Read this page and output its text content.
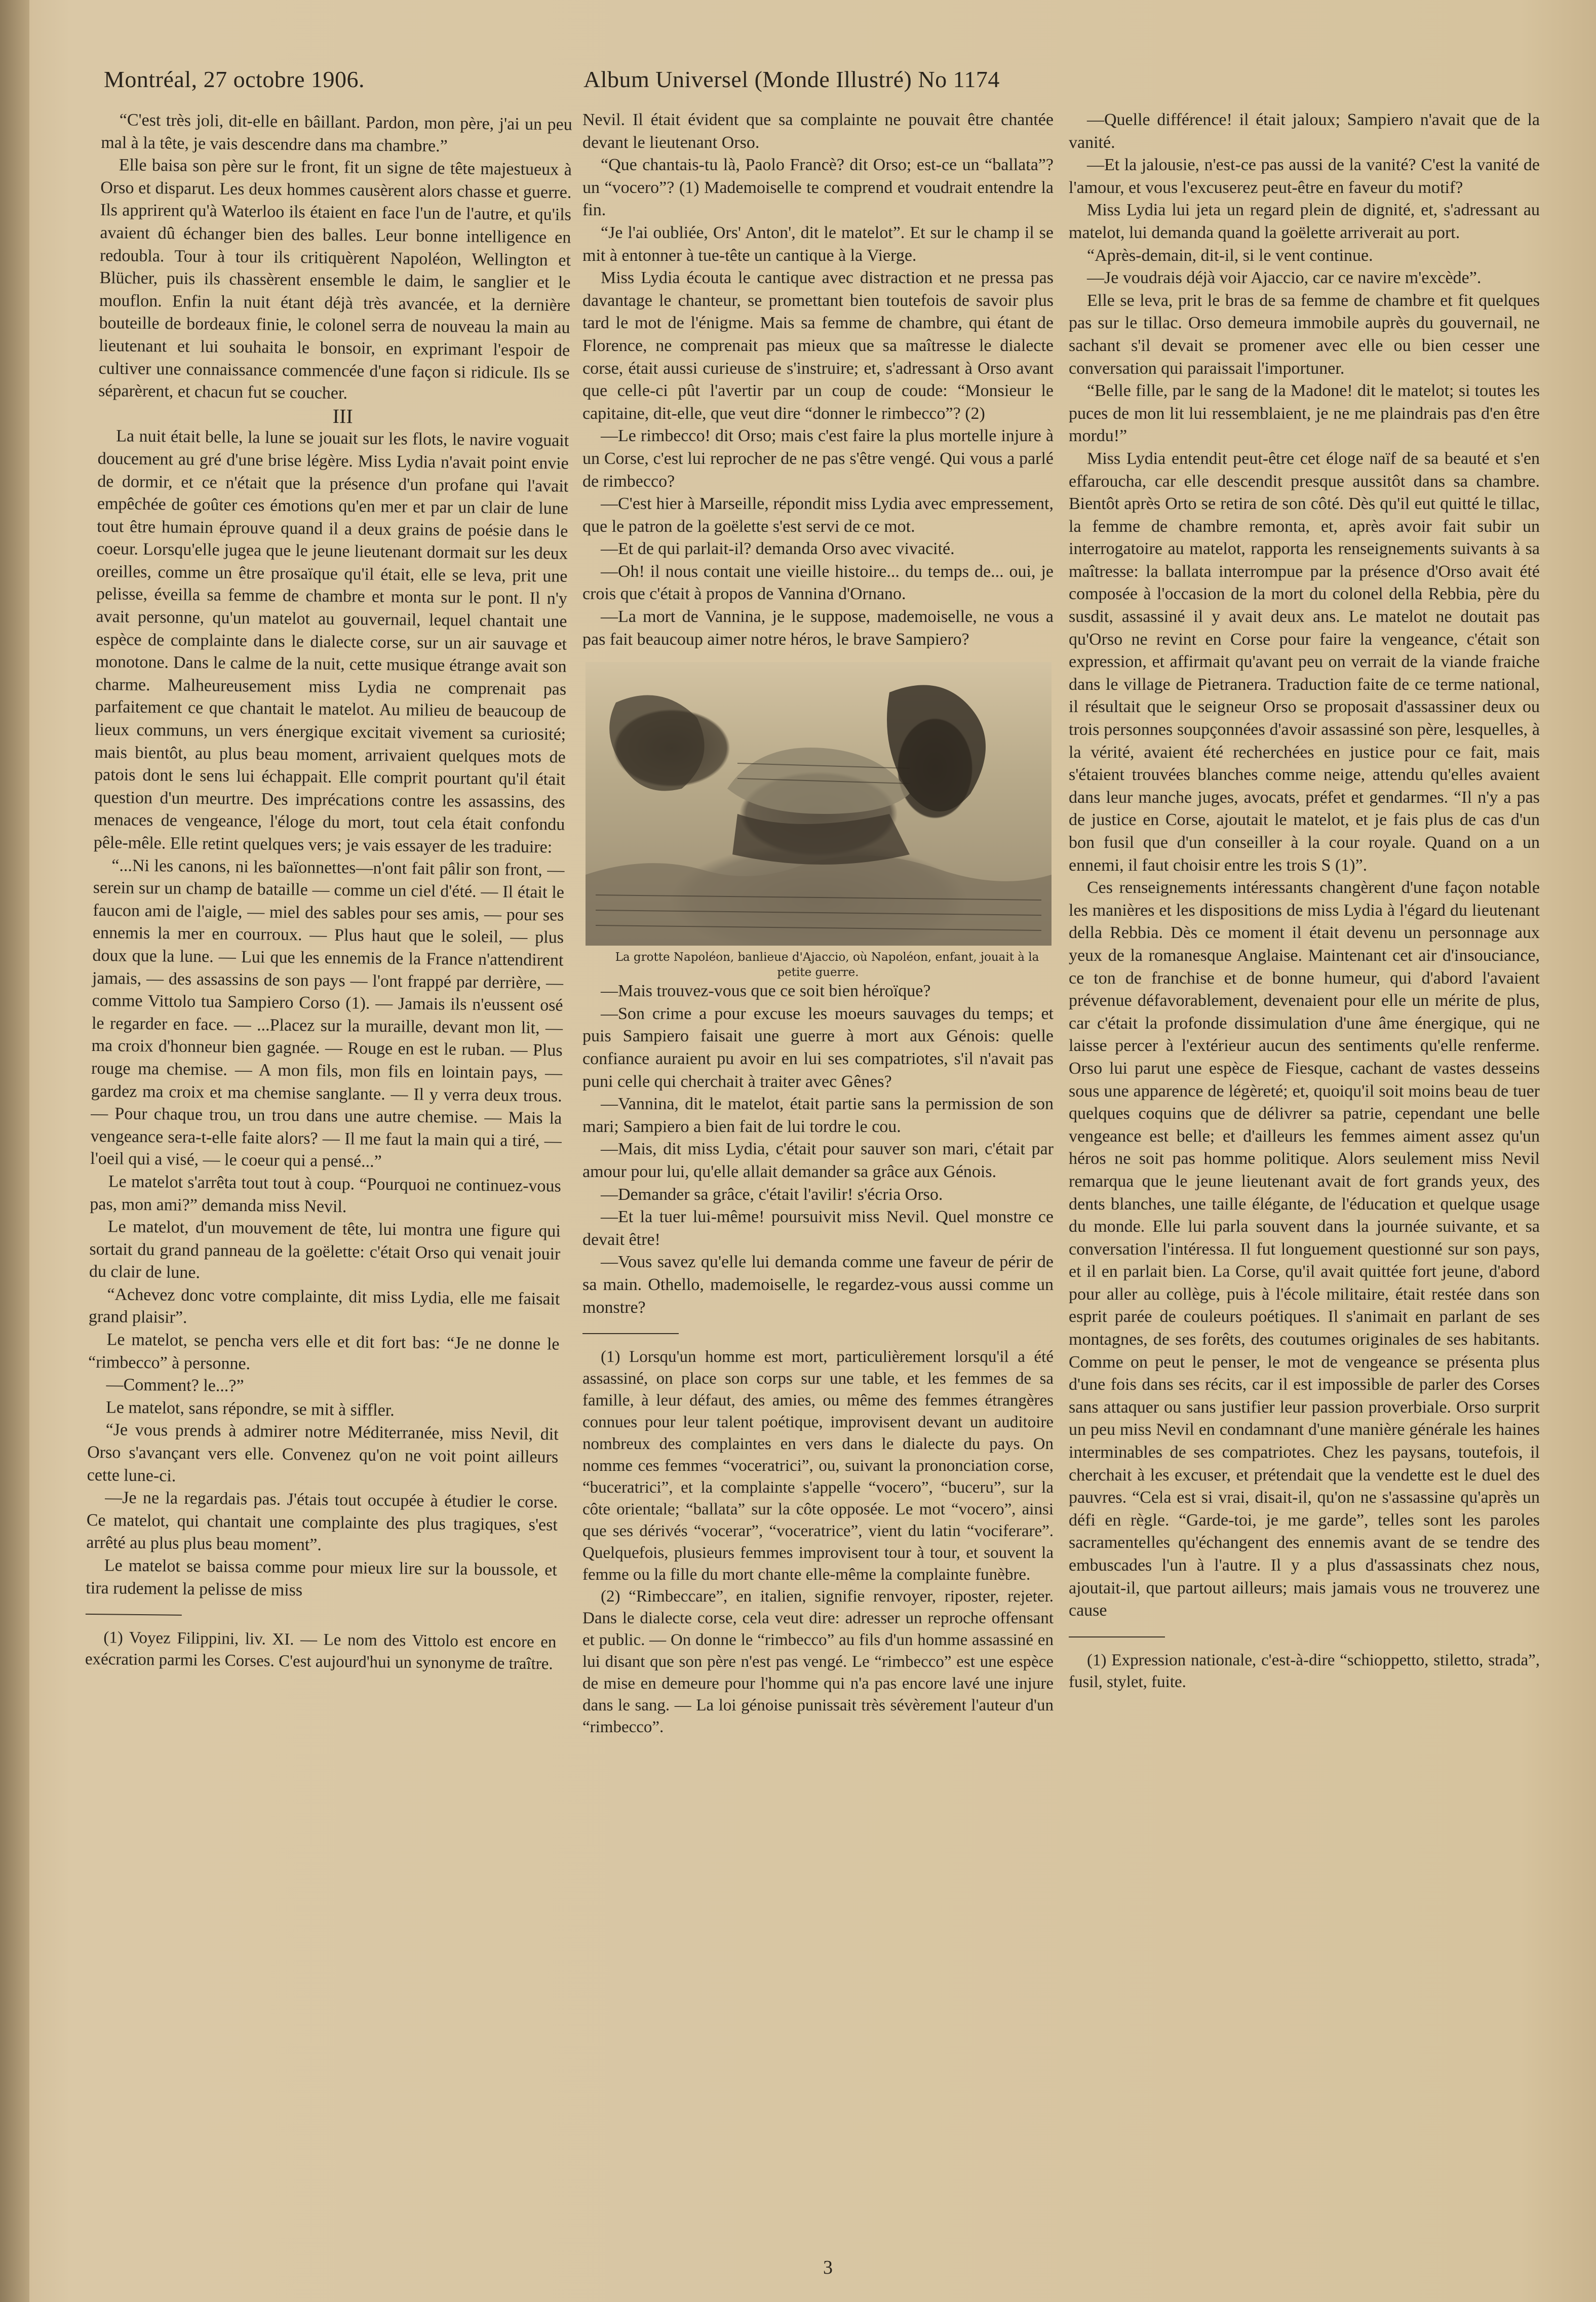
Montréal, 27 octobre 1906.	Album Universel (Monde Illustré) No 1174

“C'est très joli, dit-elle en bâillant. Pardon, mon père, j'ai un peu mal à la tête, je vais descendre dans ma chambre.”

Elle baisa son père sur le front, fit un signe de tête majestueux à Orso et disparut. Les deux hommes causèrent alors chasse et guerre. Ils apprirent qu'à Waterloo ils étaient en face l'un de l'autre, et qu'ils avaient dû échanger bien des balles. Leur bonne intelligence en redoubla. Tour à tour ils critiquèrent Napoléon, Wellington et Blücher, puis ils chassèrent ensemble le daim, le sanglier et le mouflon. Enfin la nuit étant déjà très avancée, et la dernière bouteille de bordeaux finie, le colonel serra de nouveau la main au lieutenant et lui souhaita le bonsoir, en exprimant l'espoir de cultiver une connaissance commencée d'une façon si ridicule. Ils se séparèrent, et chacun fut se coucher.

III

La nuit était belle, la lune se jouait sur les flots, le navire voguait doucement au gré d'une brise légère. Miss Lydia n'avait point envie de dormir, et ce n'était que la présence d'un profane qui l'avait empêchée de goûter ces émotions qu'en mer et par un clair de lune tout être humain éprouve quand il a deux grains de poésie dans le coeur. Lorsqu'elle jugea que le jeune lieutenant dormait sur les deux oreilles, comme un être prosaïque qu'il était, elle se leva, prit une pelisse, éveilla sa femme de chambre et monta sur le pont. Il n'y avait personne, qu'un matelot au gouvernail, lequel chantait une espèce de complainte dans le dialecte corse, sur un air sauvage et monotone. Dans le calme de la nuit, cette musique étrange avait son charme. Malheureusement miss Lydia ne comprenait pas parfaitement ce que chantait le matelot. Au milieu de beaucoup de lieux communs, un vers énergique excitait vivement sa curiosité; mais bientôt, au plus beau moment, arrivaient quelques mots de patois dont le sens lui échappait. Elle comprit pourtant qu'il était question d'un meurtre. Des imprécations contre les assassins, des menaces de vengeance, l'éloge du mort, tout cela était confondu pêle-mêle. Elle retint quelques vers; je vais essayer de les traduire:

“...Ni les canons, ni les baïonnettes—n'ont fait pâlir son front, — serein sur un champ de bataille — comme un ciel d'été. — Il était le faucon ami de l'aigle, — miel des sables pour ses amis, — pour ses ennemis la mer en courroux. — Plus haut que le soleil, — plus doux que la lune. — Lui que les ennemis de la France n'attendirent jamais, — des assassins de son pays — l'ont frappé par derrière, — comme Vittolo tua Sampiero Corso (1). — Jamais ils n'eussent osé le regarder en face. — ...Placez sur la muraille, devant mon lit, — ma croix d'honneur bien gagnée. — Rouge en est le ruban. — Plus rouge ma chemise. — A mon fils, mon fils en lointain pays, — gardez ma croix et ma chemise sanglante. — Il y verra deux trous. — Pour chaque trou, un trou dans une autre chemise. — Mais la vengeance sera-t-elle faite alors? — Il me faut la main qui a tiré, — l'oeil qui a visé, — le coeur qui a pensé...”

Le matelot s'arrêta tout tout à coup. “Pourquoi ne continuez-vous pas, mon ami?” demanda miss Nevil.

Le matelot, d'un mouvement de tête, lui montra une figure qui sortait du grand panneau de la goëlette: c'était Orso qui venait jouir du clair de lune.

“Achevez donc votre complainte, dit miss Lydia, elle me faisait grand plaisir”.

Le matelot, se pencha vers elle et dit fort bas: “Je ne donne le “rimbecco” à personne.

—Comment? le...?”

Le matelot, sans répondre, se mit à siffler.

“Je vous prends à admirer notre Méditerranée, miss Nevil, dit Orso s'avançant vers elle. Convenez qu'on ne voit point ailleurs cette lune-ci.

—Je ne la regardais pas. J'étais tout occupée à étudier le corse. Ce matelot, qui chantait une complainte des plus tragiques, s'est arrêté au plus plus beau moment”.

Le matelot se baissa comme pour mieux lire sur la boussole, et tira rudement la pelisse de miss

(1) Voyez Filippini, liv. XI. — Le nom des Vittolo est encore en exécration parmi les Corses. C'est aujourd'hui un synonyme de traître.

Nevil. Il était évident que sa complainte ne pouvait être chantée devant le lieutenant Orso.

“Que chantais-tu là, Paolo Francè? dit Orso; est-ce un “ballata”? un “vocero”? (1) Mademoiselle te comprend et voudrait entendre la fin.

“Je l'ai oubliée, Ors' Anton', dit le matelot”. Et sur le champ il se mit à entonner à tue-tête un cantique à la Vierge.

Miss Lydia écouta le cantique avec distraction et ne pressa pas davantage le chanteur, se promettant bien toutefois de savoir plus tard le mot de l'énigme. Mais sa femme de chambre, qui étant de Florence, ne comprenait pas mieux que sa maîtresse le dialecte corse, était aussi curieuse de s'instruire; et, s'adressant à Orso avant que celle-ci pût l'avertir par un coup de coude: “Monsieur le capitaine, dit-elle, que veut dire “donner le rimbecco”? (2)

—Le rimbecco! dit Orso; mais c'est faire la plus mortelle injure à un Corse, c'est lui reprocher de ne pas s'être vengé. Qui vous a parlé de rimbecco?

—C'est hier à Marseille, répondit miss Lydia avec empressement, que le patron de la goëlette s'est servi de ce mot.

—Et de qui parlait-il? demanda Orso avec vivacité.

—Oh! il nous contait une vieille histoire... du temps de... oui, je crois que c'était à propos de Vannina d'Ornano.

—La mort de Vannina, je le suppose, mademoiselle, ne vous a pas fait beaucoup aimer notre héros, le brave Sampiero?

La grotte Napoléon, banlieue d'Ajaccio, où Napoléon, enfant, jouait à la petite guerre.

—Mais trouvez-vous que ce soit bien héroïque?

—Son crime a pour excuse les moeurs sauvages du temps; et puis Sampiero faisait une guerre à mort aux Génois: quelle confiance auraient pu avoir en lui ses compatriotes, s'il n'avait pas puni celle qui cherchait à traiter avec Gênes?

—Vannina, dit le matelot, était partie sans la permission de son mari; Sampiero a bien fait de lui tordre le cou.

—Mais, dit miss Lydia, c'était pour sauver son mari, c'était par amour pour lui, qu'elle allait demander sa grâce aux Génois.

—Demander sa grâce, c'était l'avilir! s'écria Orso.

—Et la tuer lui-même! poursuivit miss Nevil. Quel monstre ce devait être!

—Vous savez qu'elle lui demanda comme une faveur de périr de sa main. Othello, mademoiselle, le regardez-vous aussi comme un monstre?

(1) Lorsqu'un homme est mort, particulièrement lorsqu'il a été assassiné, on place son corps sur une table, et les femmes de sa famille, à leur défaut, des amies, ou même des femmes étrangères connues pour leur talent poétique, improvisent devant un auditoire nombreux des complaintes en vers dans le dialecte du pays. On nomme ces femmes “voceratrici”, ou, suivant la prononciation corse, “buceratrici”, et la complainte s'appelle “vocero”, “buceru”, sur la côte orientale; “ballata” sur la côte opposée. Le mot “vocero”, ainsi que ses dérivés “vocerar”, “voceratrice”, vient du latin “vociferare”. Quelquefois, plusieurs femmes improvisent tour à tour, et souvent la femme ou la fille du mort chante elle-même la complainte funèbre.

(2) “Rimbeccare”, en italien, signifie renvoyer, riposter, rejeter. Dans le dialecte corse, cela veut dire: adresser un reproche offensant et public. — On donne le “rimbecco” au fils d'un homme assassiné en lui disant que son père n'est pas vengé. Le “rimbecco” est une espèce de mise en demeure pour l'homme qui n'a pas encore lavé une injure dans le sang. — La loi génoise punissait très sévèrement l'auteur d'un “rimbecco”.

—Quelle différence! il était jaloux; Sampiero n'avait que de la vanité.

—Et la jalousie, n'est-ce pas aussi de la vanité? C'est la vanité de l'amour, et vous l'excuserez peut-être en faveur du motif?

Miss Lydia lui jeta un regard plein de dignité, et, s'adressant au matelot, lui demanda quand la goëlette arriverait au port.

“Après-demain, dit-il, si le vent continue.

—Je voudrais déjà voir Ajaccio, car ce navire m'excède”.

Elle se leva, prit le bras de sa femme de chambre et fit quelques pas sur le tillac. Orso demeura immobile auprès du gouvernail, ne sachant s'il devait se promener avec elle ou bien cesser une conversation qui paraissait l'importuner.

“Belle fille, par le sang de la Madone! dit le matelot; si toutes les puces de mon lit lui ressemblaient, je ne me plaindrais pas d'en être mordu!”

Miss Lydia entendit peut-être cet éloge naïf de sa beauté et s'en effaroucha, car elle descendit presque aussitôt dans sa chambre. Bientôt après Orto se retira de son côté. Dès qu'il eut quitté le tillac, la femme de chambre remonta, et, après avoir fait subir un interrogatoire au matelot, rapporta les renseignements suivants à sa maîtresse: la ballata interrompue par la présence d'Orso avait été composée à l'occasion de la mort du colonel della Rebbia, père du susdit, assassiné il y avait deux ans. Le matelot ne doutait pas qu'Orso ne revint en Corse pour faire la vengeance, c'était son expression, et affirmait qu'avant peu on verrait de la viande fraiche dans le village de Pietranera. Traduction faite de ce terme national, il résultait que le seigneur Orso se proposait d'assassiner deux ou trois personnes soupçonnées d'avoir assassiné son père, lesquelles, à la vérité, avaient été recherchées en justice pour ce fait, mais s'étaient trouvées blanches comme neige, attendu qu'elles avaient dans leur manche juges, avocats, préfet et gendarmes. “Il n'y a pas de justice en Corse, ajoutait le matelot, et je fais plus de cas d'un bon fusil que d'un conseiller à la cour royale. Quand on a un ennemi, il faut choisir entre les trois S (1)”.

Ces renseignements intéressants changèrent d'une façon notable les manières et les dispositions de miss Lydia à l'égard du lieutenant della Rebbia. Dès ce moment il était devenu un personnage aux yeux de la romanesque Anglaise. Maintenant cet air d'insouciance, ce ton de franchise et de bonne humeur, qui d'abord l'avaient prévenue défavorablement, devenaient pour elle un mérite de plus, car c'était la profonde dissimulation d'une âme énergique, qui ne laisse percer à l'extérieur aucun des sentiments qu'elle renferme. Orso lui parut une espèce de Fiesque, cachant de vastes desseins sous une apparence de légèreté; et, quoiqu'il soit moins beau de tuer quelques coquins que de délivrer sa patrie, cependant une belle vengeance est belle; et d'ailleurs les femmes aiment assez qu'un héros ne soit pas homme politique. Alors seulement miss Nevil remarqua que le jeune lieutenant avait de fort grands yeux, des dents blanches, une taille élégante, de l'éducation et quelque usage du monde. Elle lui parla souvent dans la journée suivante, et sa conversation l'intéressa. Il fut longuement questionné sur son pays, et il en parlait bien. La Corse, qu'il avait quittée fort jeune, d'abord pour aller au collège, puis à l'école militaire, était restée dans son esprit parée de couleurs poétiques. Il s'animait en parlant de ses montagnes, de ses forêts, des coutumes originales de ses habitants. Comme on peut le penser, le mot de vengeance se présenta plus d'une fois dans ses récits, car il est impossible de parler des Corses sans attaquer ou sans justifier leur passion proverbiale. Orso surprit un peu miss Nevil en condamnant d'une manière générale les haines interminables de ses compatriotes. Chez les paysans, toutefois, il cherchait à les excuser, et prétendait que la vendette est le duel des pauvres. “Cela est si vrai, disait-il, qu'on ne s'assassine qu'après un défi en règle. “Garde-toi, je me garde”, telles sont les paroles sacramentelles qu'échangent des ennemis avant de se tendre des embuscades l'un à l'autre. Il y a plus d'assassinats chez nous, ajoutait-il, que partout ailleurs; mais jamais vous ne trouverez une cause

(1) Expression nationale, c'est-à-dire “schioppetto, stiletto, strada”, fusil, stylet, fuite.

3
